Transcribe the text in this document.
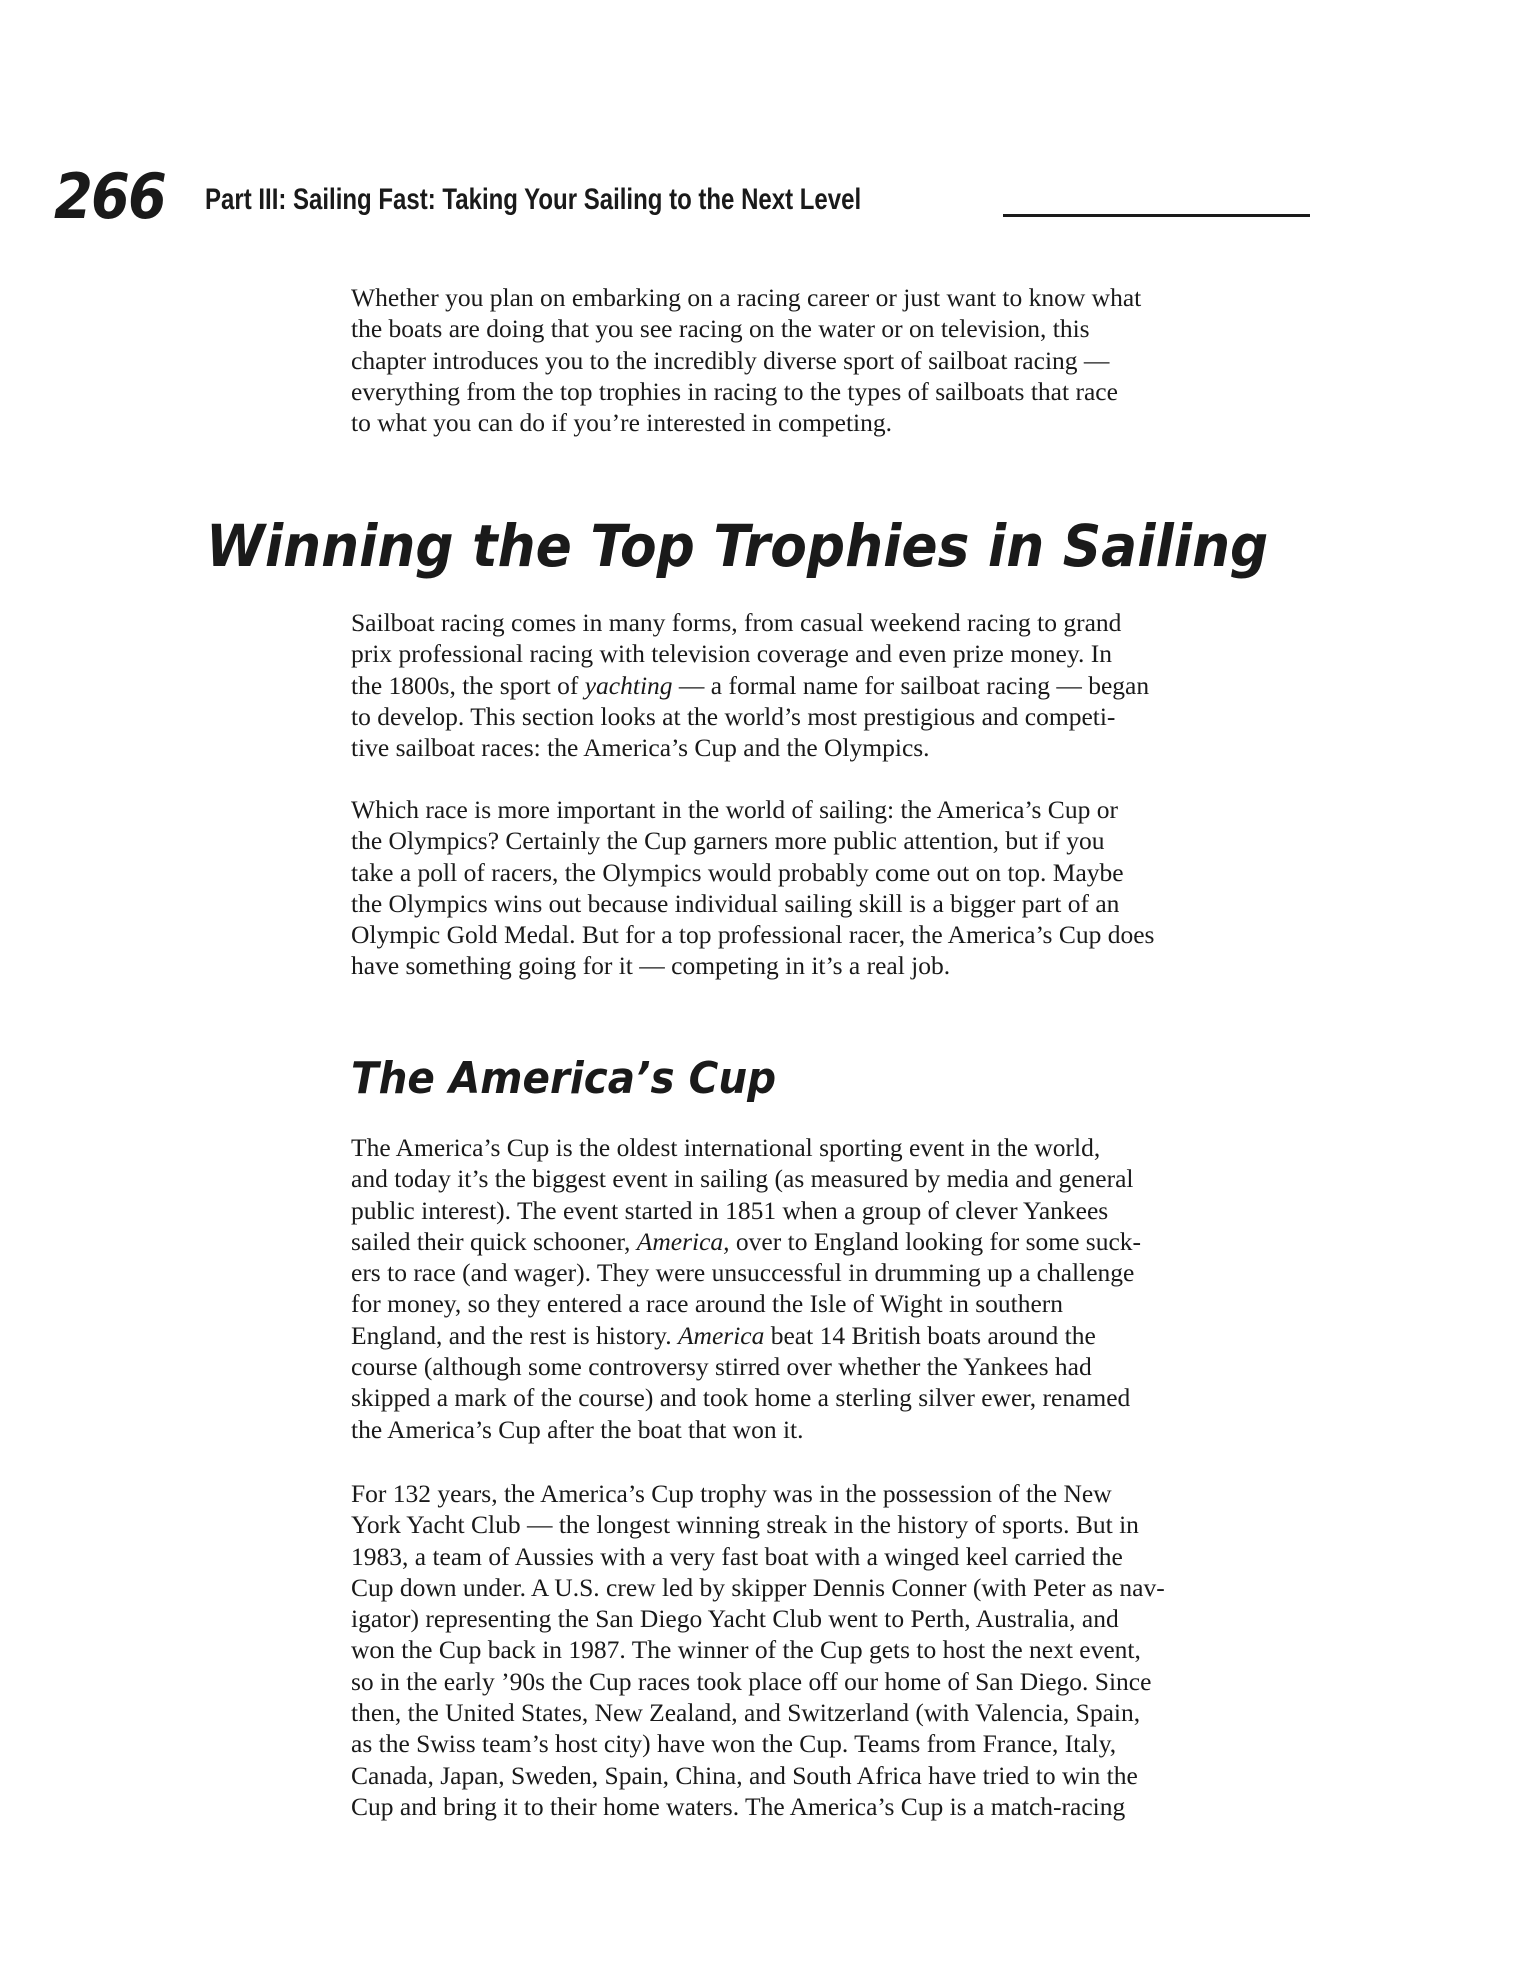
266 Part III: Sailing Fast: Taking Your Sailing to the Next Level
Whether you plan on embarking on a racing career or just want to know what
the boats are doing that you see racing on the water or on television, this
chapter introduces you to the incredibly diverse sport of sailboat racing —
everything from the top trophies in racing to the types of sailboats that race
to what you can do if you’re interested in competing.
Winning the Top Trophies in Sailing
Sailboat racing comes in many forms, from casual weekend racing to grand
prix professional racing with television coverage and even prize money. In
the 1800s, the sport of yachting — a formal name for sailboat racing — began
to develop. This section looks at the world’s most prestigious and competi-
tive sailboat races: the America’s Cup and the Olympics.
Which race is more important in the world of sailing: the America’s Cup or
the Olympics? Certainly the Cup garners more public attention, but if you
take a poll of racers, the Olympics would probably come out on top. Maybe
the Olympics wins out because individual sailing skill is a bigger part of an
Olympic Gold Medal. But for a top professional racer, the America’s Cup does
have something going for it — competing in it’s a real job.
The America’s Cup
The America’s Cup is the oldest international sporting event in the world,
and today it’s the biggest event in sailing (as measured by media and general
public interest). The event started in 1851 when a group of clever Yankees
sailed their quick schooner, America, over to England looking for some suck-
ers to race (and wager). They were unsuccessful in drumming up a challenge
for money, so they entered a race around the Isle of Wight in southern
England, and the rest is history. America beat 14 British boats around the
course (although some controversy stirred over whether the Yankees had
skipped a mark of the course) and took home a sterling silver ewer, renamed
the America’s Cup after the boat that won it.
For 132 years, the America’s Cup trophy was in the possession of the New
York Yacht Club — the longest winning streak in the history of sports. But in
1983, a team of Aussies with a very fast boat with a winged keel carried the
Cup down under. A U.S. crew led by skipper Dennis Conner (with Peter as nav-
igator) representing the San Diego Yacht Club went to Perth, Australia, and
won the Cup back in 1987. The winner of the Cup gets to host the next event,
so in the early ’90s the Cup races took place off our home of San Diego. Since
then, the United States, New Zealand, and Switzerland (with Valencia, Spain,
as the Swiss team’s host city) have won the Cup. Teams from France, Italy,
Canada, Japan, Sweden, Spain, China, and South Africa have tried to win the
Cup and bring it to their home waters. The America’s Cup is a match-racing
